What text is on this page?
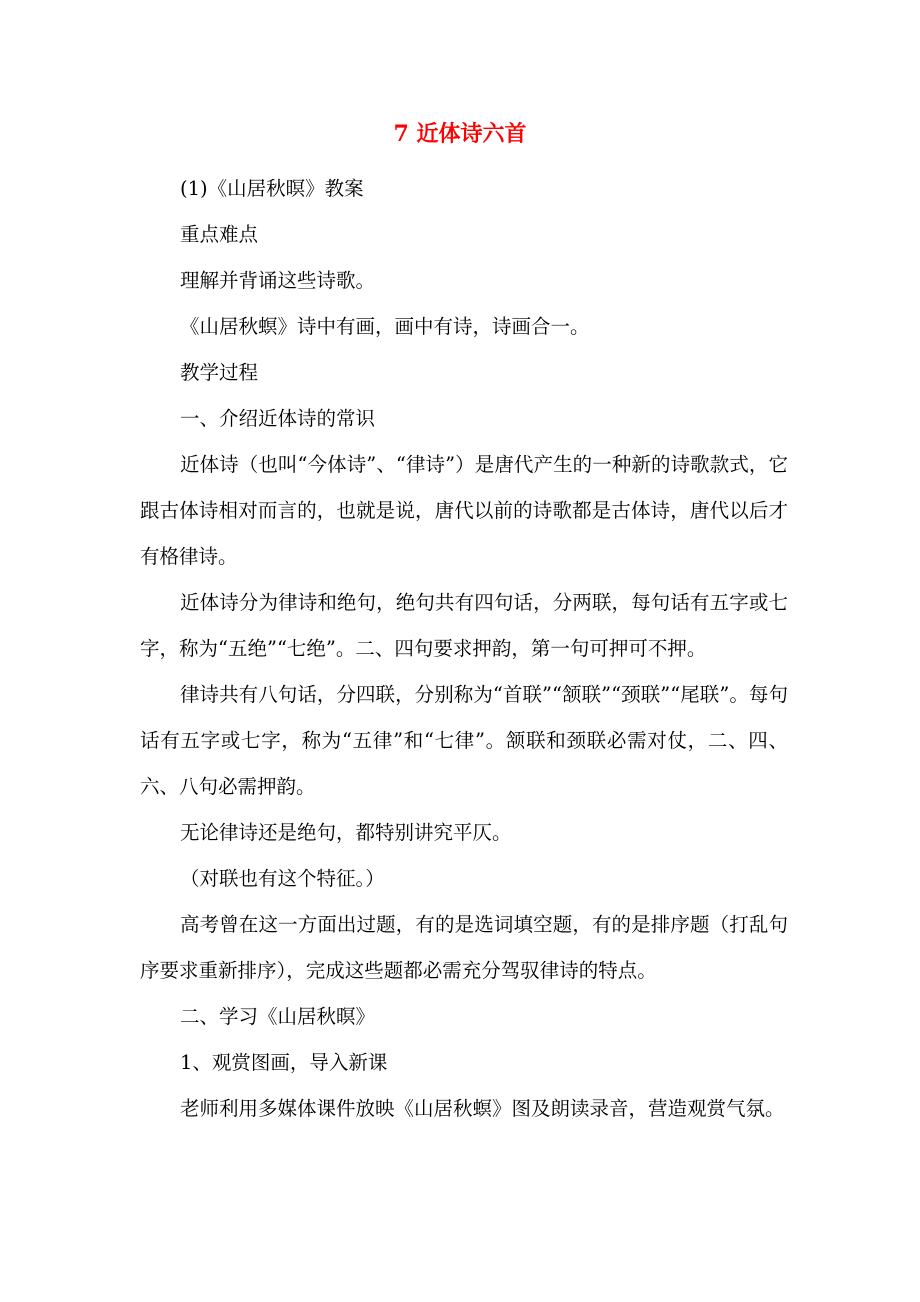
7 近体诗六首

(1)《山居秋暝》教案

重点难点

理解并背诵这些诗歌。

《山居秋螟》诗中有画，画中有诗，诗画合一。

教学过程

一、介绍近体诗的常识

近体诗（也叫“今体诗”、“律诗”）是唐代产生的一种新的诗歌款式，它跟古体诗相对而言的，也就是说，唐代以前的诗歌都是古体诗，唐代以后才有格律诗。

近体诗分为律诗和绝句，绝句共有四句话，分两联，每句话有五字或七字，称为“五绝”“七绝”。二、四句要求押韵，第一句可押可不押。

律诗共有八句话，分四联，分别称为“首联”“颔联”“颈联”“尾联”。每句话有五字或七字，称为“五律”和“七律”。颔联和颈联必需对仗，二、四、六、八句必需押韵。

无论律诗还是绝句，都特别讲究平仄。

（对联也有这个特征。）

高考曾在这一方面出过题，有的是选词填空题，有的是排序题（打乱句序要求重新排序），完成这些题都必需充分驾驭律诗的特点。

二、学习《山居秋暝》

1、观赏图画，导入新课

老师利用多媒体课件放映《山居秋螟》图及朗读录音，营造观赏气氛。
